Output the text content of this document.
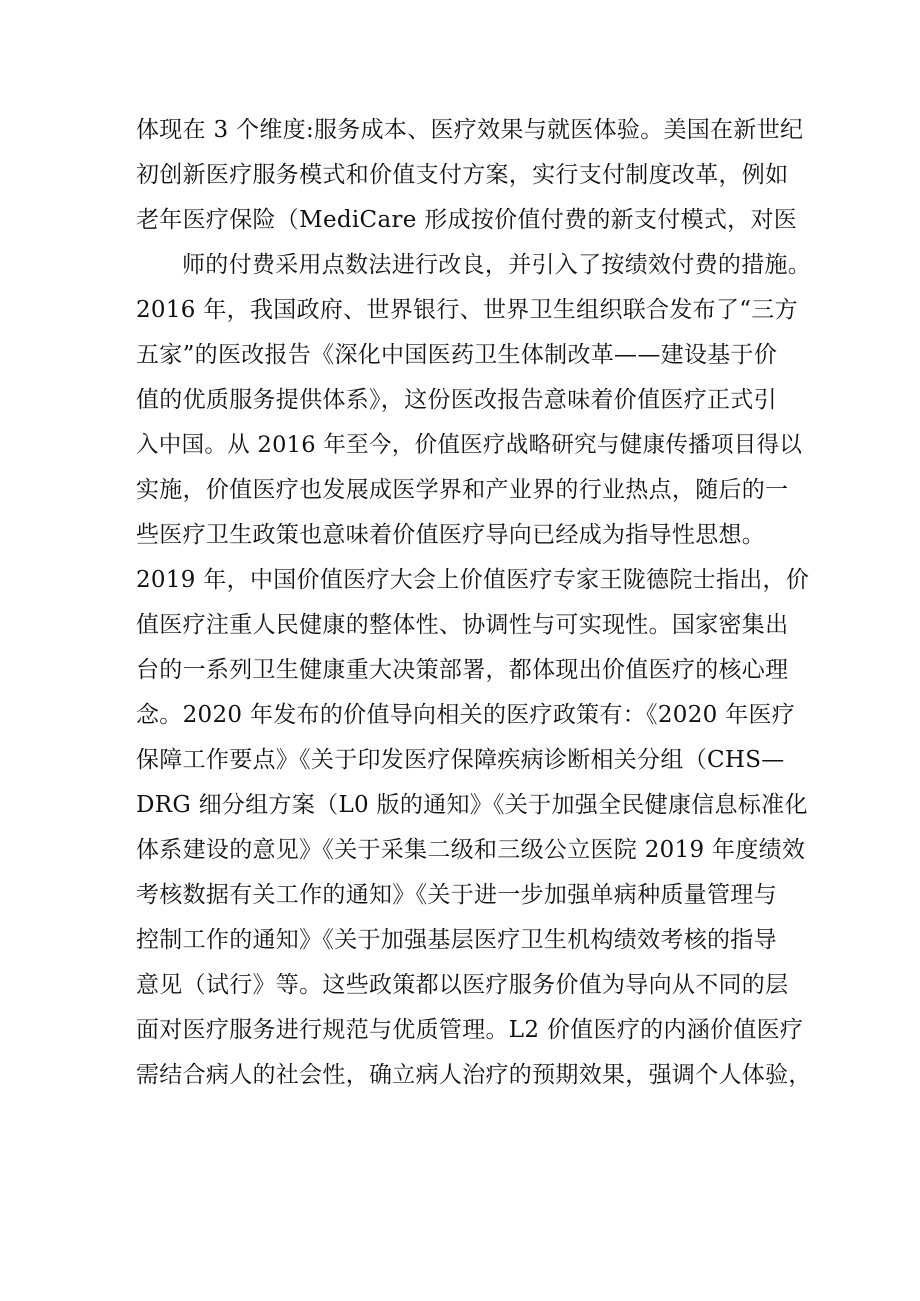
体现在 3 个维度:服务成本、医疗效果与就医体验。美国在新世纪
初创新医疗服务模式和价值支付方案，实行支付制度改革，例如
老年医疗保险（MediCare 形成按价值付费的新支付模式，对医
师的付费采用点数法进行改良，并引入了按绩效付费的措施。
2016 年，我国政府、世界银行、世界卫生组织联合发布了“三方
五家”的医改报告《深化中国医药卫生体制改革——建设基于价
值的优质服务提供体系》，这份医改报告意味着价值医疗正式引
入中国。从 2016 年至今，价值医疗战略研究与健康传播项目得以
实施，价值医疗也发展成医学界和产业界的行业热点，随后的一
些医疗卫生政策也意味着价值医疗导向已经成为指导性思想。
2019 年，中国价值医疗大会上价值医疗专家王陇德院士指出，价
值医疗注重人民健康的整体性、协调性与可实现性。国家密集出
台的一系列卫生健康重大决策部署，都体现出价值医疗的核心理
念。2020 年发布的价值导向相关的医疗政策有：《2020 年医疗
保障工作要点》《关于印发医疗保障疾病诊断相关分组（CHS—
DRG 细分组方案（L0 版的通知》《关于加强全民健康信息标准化
体系建设的意见》《关于采集二级和三级公立医院 2019 年度绩效
考核数据有关工作的通知》《关于进一步加强单病种质量管理与
控制工作的通知》《关于加强基层医疗卫生机构绩效考核的指导
意见（试行》等。这些政策都以医疗服务价值为导向从不同的层
面对医疗服务进行规范与优质管理。L2 价值医疗的内涵价值医疗
需结合病人的社会性，确立病人治疗的预期效果，强调个人体验，
